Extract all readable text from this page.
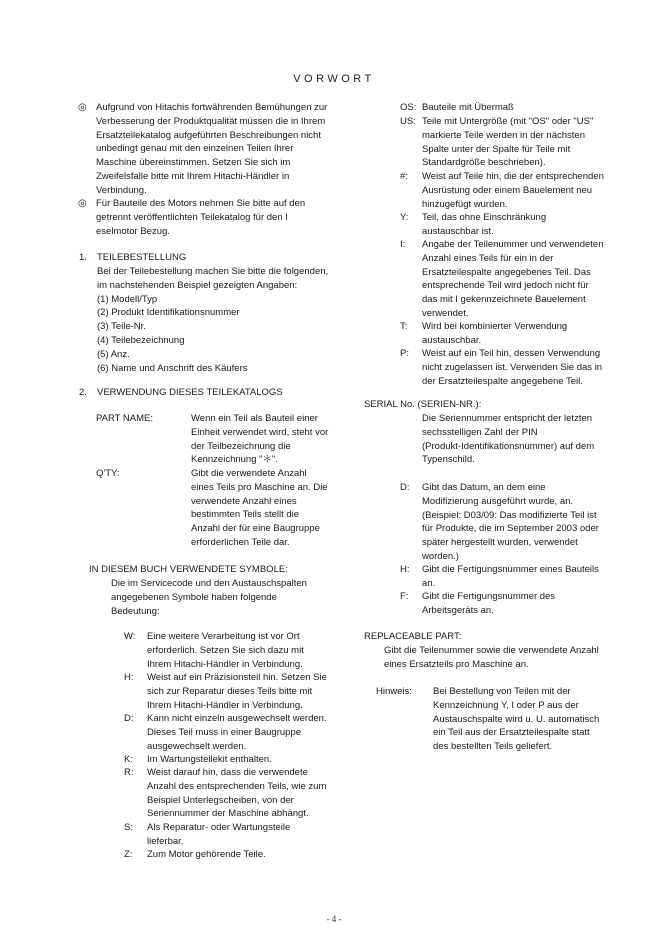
VORWORT
◎ Aufgrund von Hitachis fortwährenden Bemühungen zur
Verbesserung der Produktqualität müssen die in Ihrem
Ersatzteilekatalog aufgeführten Beschreibungen nicht
unbedingt genau mit den einzelnen Teilen Ihrer
Maschine übereinstimmen. Setzen Sie sich im
Zweifelsfalle bitte mit Ihrem Hitachi-Händler in
Verbindung.
◎ Für Bauteile des Motors nehmen Sie bitte auf den
getrennt veröffentlichten Teilekatalog für den I
eselmotor Bezug.
1. TEILEBESTELLUNG
Bei der Teilebestellung machen Sie bitte die folgenden,
im nachstehenden Beispiel gezeigten Angaben:
(1) Modell/Typ
(2) Produkt Identifikationsnummer
(3) Teile-Nr.
(4) Teilebezeichnung
(5) Anz.
(6) Name und Anschrift des Käufers
2. VERWENDUNG DIESES TEILEKATALOGS
PART NAME:	Wenn ein Teil als Bauteil einer
Einheit verwendet wird, steht vor
der Teilbezeichnung die
Kennzeichnung "＊".
Q'TY:	Gibt die verwendete Anzahl
eines Teils pro Maschine an. Die
verwendete Anzahl eines
bestimmten Teils stellt die
Anzahl der für eine Baugruppe
erforderlichen Teile dar.
IN DIESEM BUCH VERWENDETE SYMBOLE:
Die im Servicecode und den Austauschspalten
angegebenen Symbole haben folgende
Bedeutung:
W: Eine weitere Verarbeitung ist vor Ort
erforderlich. Setzen Sie sich dazu mit
Ihrem Hitachi-Händler in Verbindung.
H: Weist auf ein Präzisionsteil hin. Setzen Sie
sich zur Reparatur dieses Teils bitte mit
Ihrem Hitachi-Händler in Verbindung.
D: Kann nicht einzeln ausgewechselt werden.
Dieses Teil muss in einer Baugruppe
ausgewechselt werden.
K: Im Wartungsteilekit enthalten.
R: Weist darauf hin, dass die verwendete
Anzahl des entsprechenden Teils, wie zum
Beispiel Unterlegscheiben, von der
Seriennummer der Maschine abhängt.
S: Als Reparatur- oder Wartungsteile
lieferbar.
Z: Zum Motor gehörende Teile.
OS: Bauteile mit Übermaß
US: Teile mit Untergröße (mit "OS" oder "US"
markierte Teile werden in der nächsten
Spalte unter der Spalte für Teile mit
Standardgröße beschrieben).
#: Weist auf Teile hin, die der entsprechenden
Ausrüstung oder einem Bauelement neu
hinzugefügt wurden.
Y: Teil, das ohne Einschränkung
austauschbar ist.
I: Angabe der Teilenummer und verwendeten
Anzahl eines Teils für ein in der
Ersatzteilespalte angegebenes Teil. Das
entsprechende Teil wird jedoch nicht für
das mit I gekennzeichnete Bauelement
verwendet.
T: Wird bei kombinierter Verwendung
austauschbar.
P: Weist auf ein Teil hin, dessen Verwendung
nicht zugelassen ist. Verwenden Sie das in
der Ersatzteilespalte angegebene Teil.
SERIAL No. (SERIEN-NR.):
Die Seriennummer entspricht der letzten
sechsstelligen Zahl der PIN
(Produkt-Identifikationsnummer) auf dem
Typenschild.
D: Gibt das Datum, an dem eine
Modifizierung ausgeführt wurde, an.
(Beispiel: D03/09: Das modifizierte Teil ist
für Produkte, die im September 2003 oder
später hergestellt wurden, verwendet
worden.)
H: Gibt die Fertigungsnummer eines Bauteils
an.
F: Gibt die Fertigungsnummer des
Arbeitsgeräts an.
REPLACEABLE PART:
Gibt die Teilenummer sowie die verwendete Anzahl
eines Ersatzteils pro Maschine an.
Hinweis: Bei Bestellung von Teilen mit der
Kennzeichnung Y, I oder P aus der
Austauschspalte wird u. U. automatisch
ein Teil aus der Ersatzteilespalte statt
des bestellten Teils geliefert.
- 4 -
